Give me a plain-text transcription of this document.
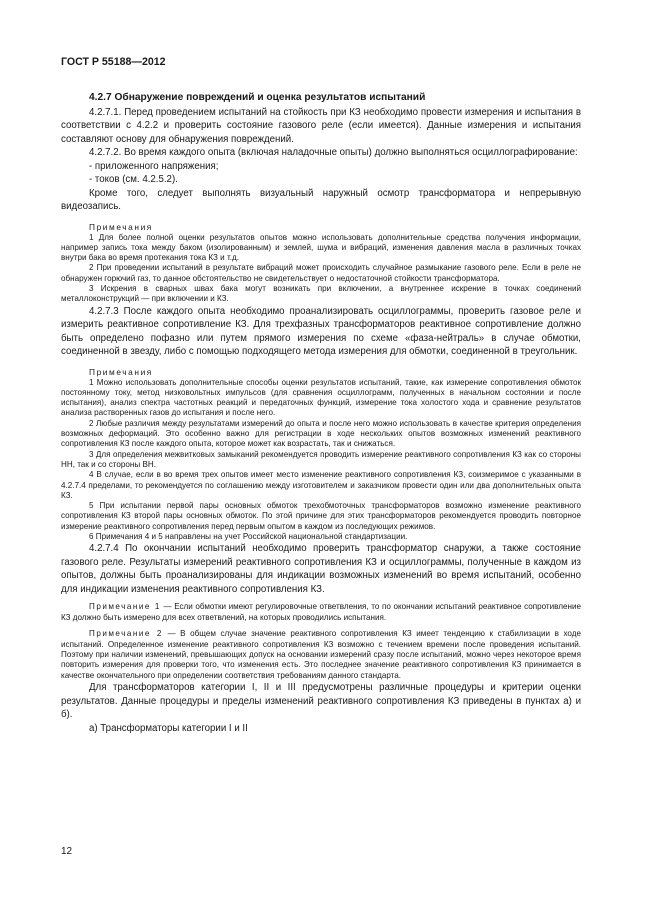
ГОСТ Р 55188—2012
4.2.7 Обнаружение повреждений и оценка результатов испытаний

4.2.7.1. Перед проведением испытаний на стойкость при КЗ необходимо провести измерения и испытания в соответствии с 4.2.2 и проверить состояние газового реле (если имеется). Данные измерения и испытания составляют основу для обнаружения повреждений.

4.2.7.2. Во время каждого опыта (включая наладочные опыты) должно выполняться осциллографирование:

- приложенного напряжения;

- токов (см. 4.2.5.2).

Кроме того, следует выполнять визуальный наружный осмотр трансформатора и непрерывную видеозапись.

Примечания

1 Для более полной оценки результатов опытов можно использовать дополнительные средства получения информации, например запись тока между баком (изолированным) и землей, шума и вибраций, изменения давления масла в различных точках внутри бака во время протекания тока КЗ и т.д.

2 При проведении испытаний в результате вибраций может происходить случайное размыкание газового реле. Если в реле не обнаружен горючий газ, то данное обстоятельство не свидетельствует о недостаточной стойкости трансформатора.

3 Искрения в сварных швах бака могут возникать при включении, а внутреннее искрение в точках соединений металлоконструкций — при включении и КЗ.

4.2.7.3 После каждого опыта необходимо проанализировать осциллограммы, проверить газовое реле и измерить реактивное сопротивление КЗ. Для трехфазных трансформаторов реактивное сопротивление должно быть определено пофазно или путем прямого измерения по схеме «фаза-нейтраль» в случае обмотки, соединенной в звезду, либо с помощью подходящего метода измерения для обмотки, соединенной в треугольник.

Примечания

1 Можно использовать дополнительные способы оценки результатов испытаний, такие, как измерение сопротивления обмоток постоянному току, метод низковольтных импульсов (для сравнения осциллограмм, полученных в начальном состоянии и после испытания), анализ спектра частотных реакций и передаточных функций, измерение тока холостого хода и сравнение результатов анализа растворенных газов до испытания и после него.

2 Любые различия между результатами измерений до опыта и после него можно использовать в качестве критерия определения возможных деформаций. Это особенно важно для регистрации в ходе нескольких опытов возможных изменений реактивного сопротивления КЗ после каждого опыта, которое может как возрастать, так и снижаться.

3 Для определения межвитковых замыканий рекомендуется проводить измерение реактивного сопротивления КЗ как со стороны НН, так и со стороны ВН.

4 В случае, если в во время трех опытов имеет место изменение реактивного сопротивления КЗ, соизмеримое с указанными в 4.2.7.4 пределами, то рекомендуется по соглашению между изготовителем и заказчиком провести один или два дополнительных опыта КЗ.

5 При испытании первой пары основных обмоток трехобмоточных трансформаторов возможно изменение реактивного сопротивления КЗ второй пары основных обмоток. По этой причине для этих трансформаторов рекомендуется проводить повторное измерение реактивного сопротивления перед первым опытом в каждом из последующих режимов.

6 Примечания 4 и 5 направлены на учет Российской национальной стандартизации.

4.2.7.4 По окончании испытаний необходимо проверить трансформатор снаружи, а также состояние газового реле. Результаты измерений реактивного сопротивления КЗ и осциллограммы, полученные в каждом из опытов, должны быть проанализированы для индикации возможных изменений во время испытаний, особенно для индикации изменения реактивного сопротивления КЗ.

Примечание 1 — Если обмотки имеют регулировочные ответвления, то по окончании испытаний реактивное сопротивление КЗ должно быть измерено для всех ответвлений, на которых проводились испытания.

Примечание 2 — В общем случае значение реактивного сопротивления КЗ имеет тенденцию к стабилизации в ходе испытаний. Определенное изменение реактивного сопротивления КЗ возможно с течением времени после проведения испытаний. Поэтому при наличии изменений, превышающих допуск на основании измерений сразу после испытаний, можно через некоторое время повторить измерения для проверки того, что изменения есть. Это последнее значение реактивного сопротивления КЗ принимается в качестве окончательного при определении соответствия требованиям данного стандарта.

Для трансформаторов категории I, II и III предусмотрены различные процедуры и критерии оценки результатов. Данные процедуры и пределы изменений реактивного сопротивления КЗ приведены в пунктах а) и б).

а) Трансформаторы категории I и II

12
